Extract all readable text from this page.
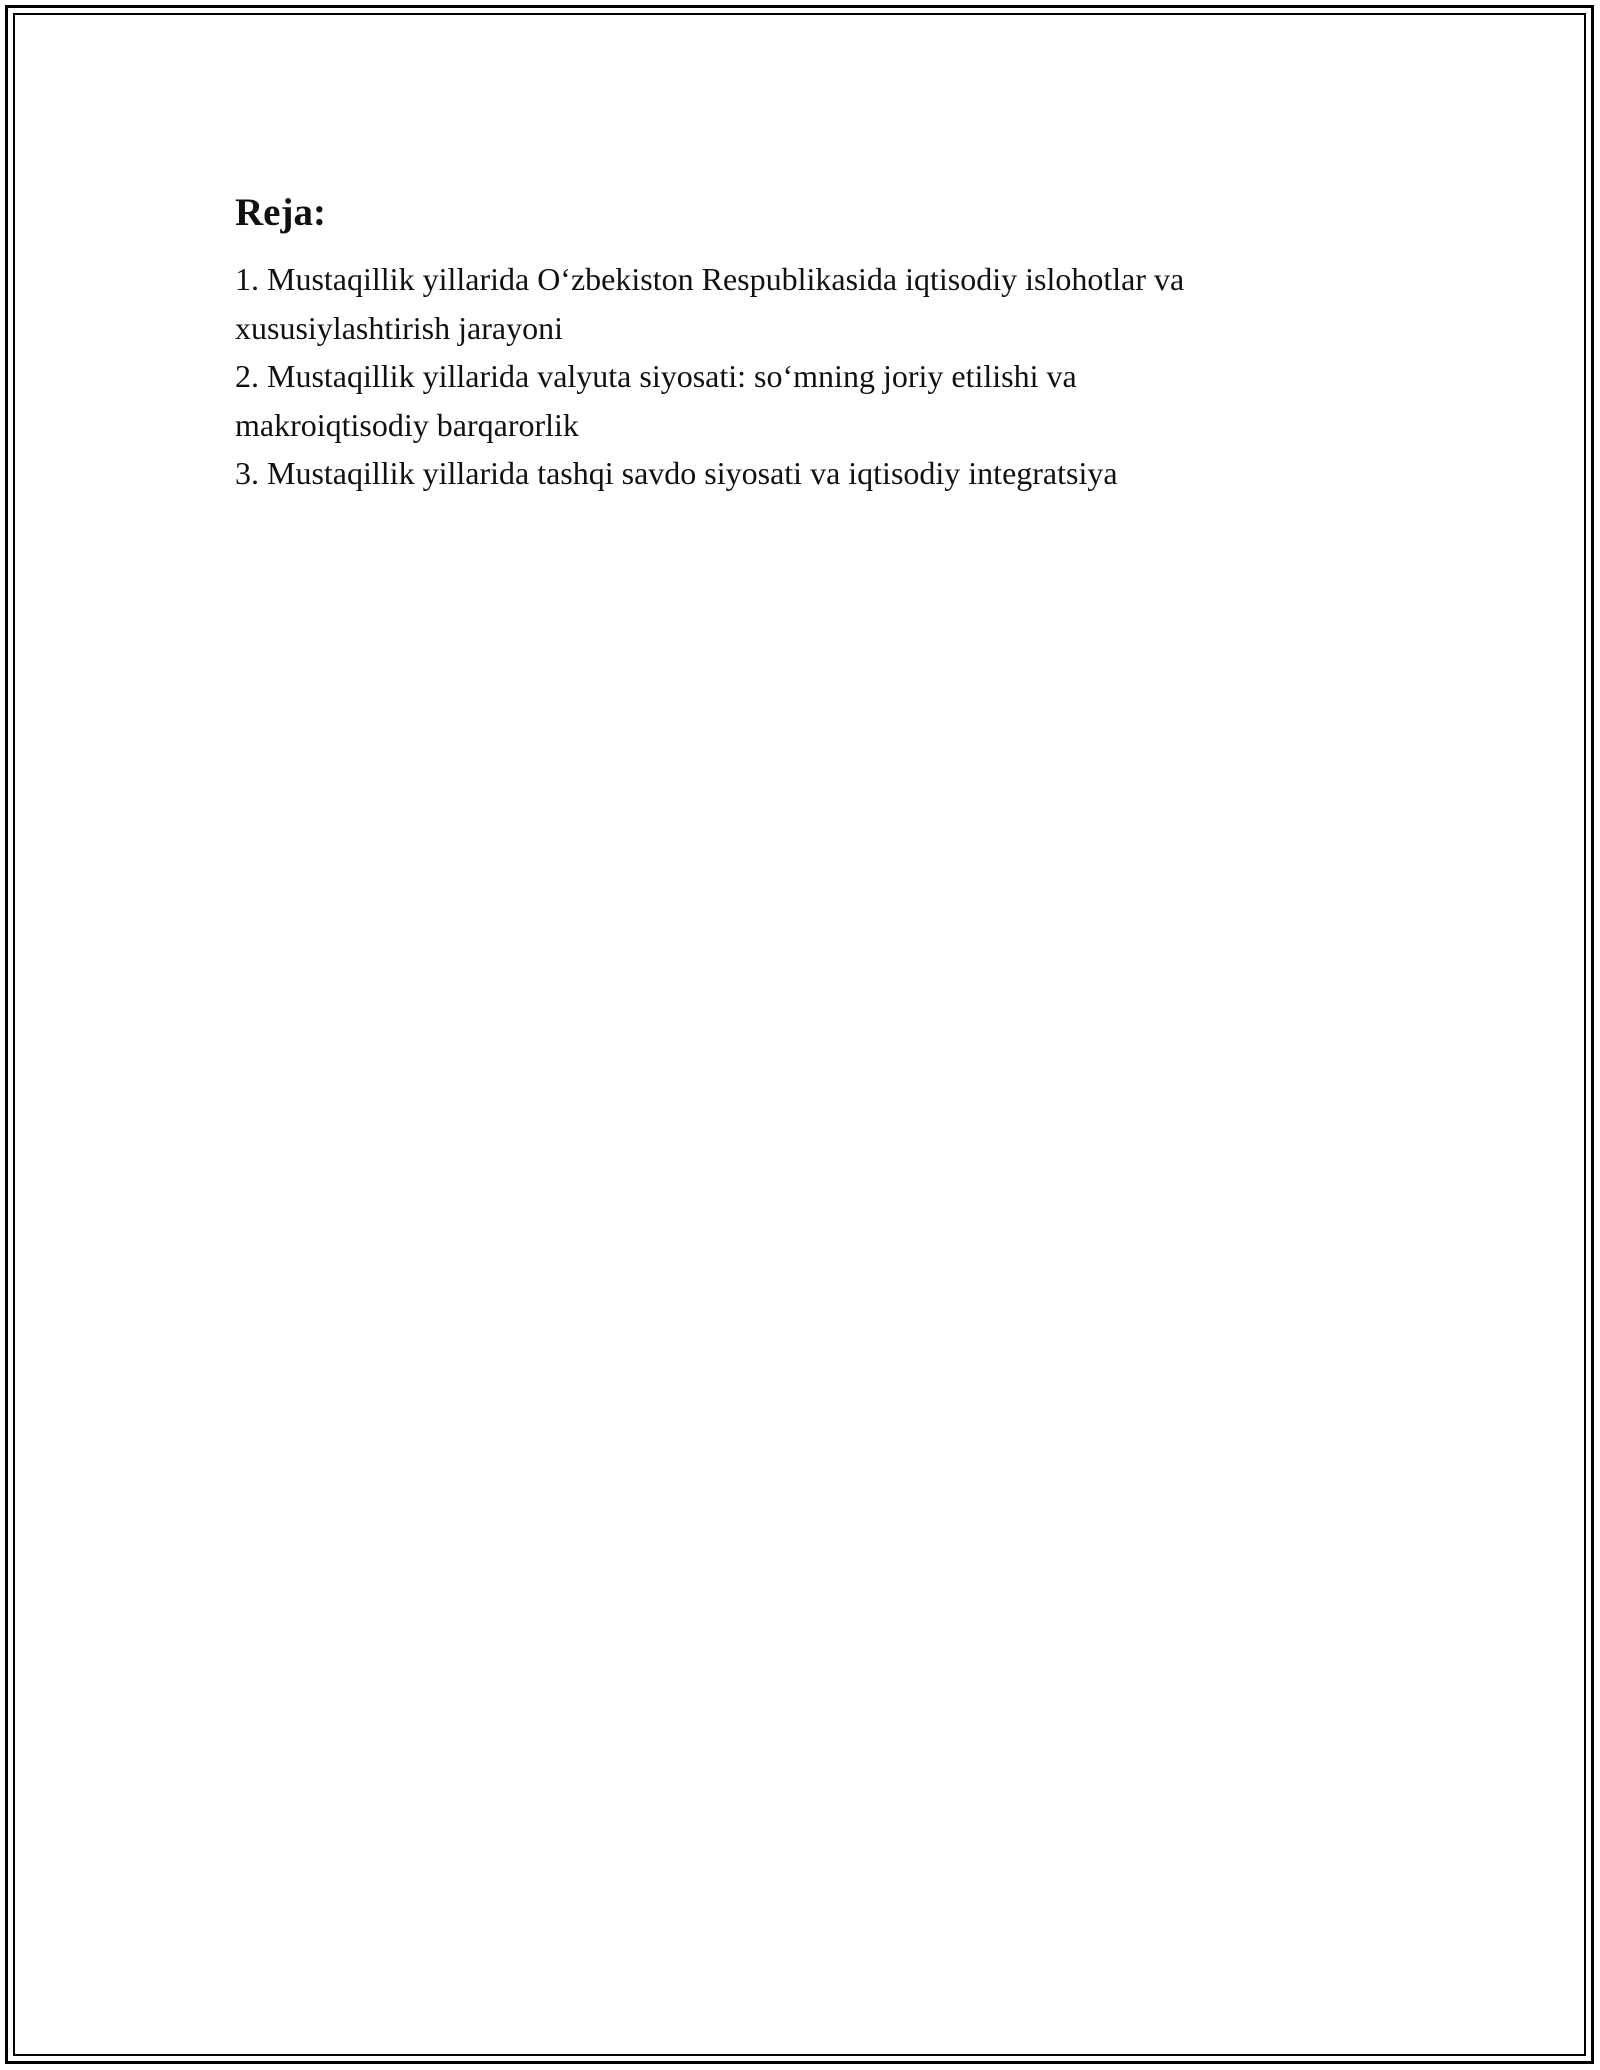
Reja:
1. Mustaqillik yillarida O‘zbekiston Respublikasida iqtisodiy islohotlar va
xususiylashtirish jarayoni
2. Mustaqillik yillarida valyuta siyosati: so‘mning joriy etilishi va
makroiqtisodiy barqarorlik
3. Mustaqillik yillarida tashqi savdo siyosati va iqtisodiy integratsiya
